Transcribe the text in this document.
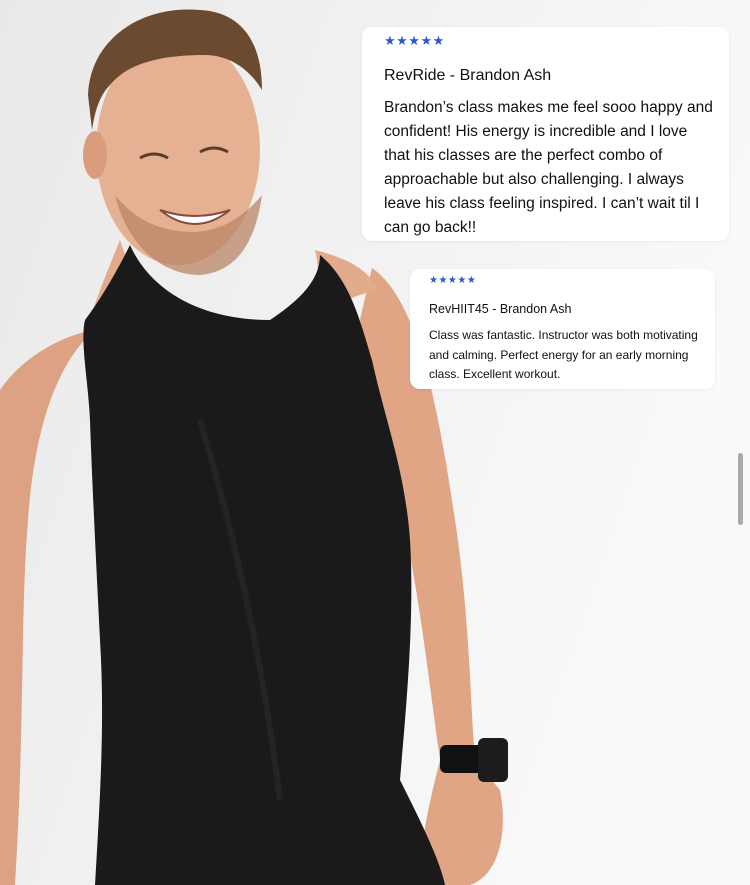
★★★★★
RevRide - Brandon Ash
Brandon’s class makes me feel sooo happy and confident! His energy is incredible and I love that his classes are the perfect combo of approachable but also challenging. I always leave his class feeling inspired. I can’t wait til I can go back!!
★★★★★
RevHIIT45 - Brandon Ash
Class was fantastic. Instructor was both motivating and calming. Perfect energy for an early morning class. Excellent workout.
